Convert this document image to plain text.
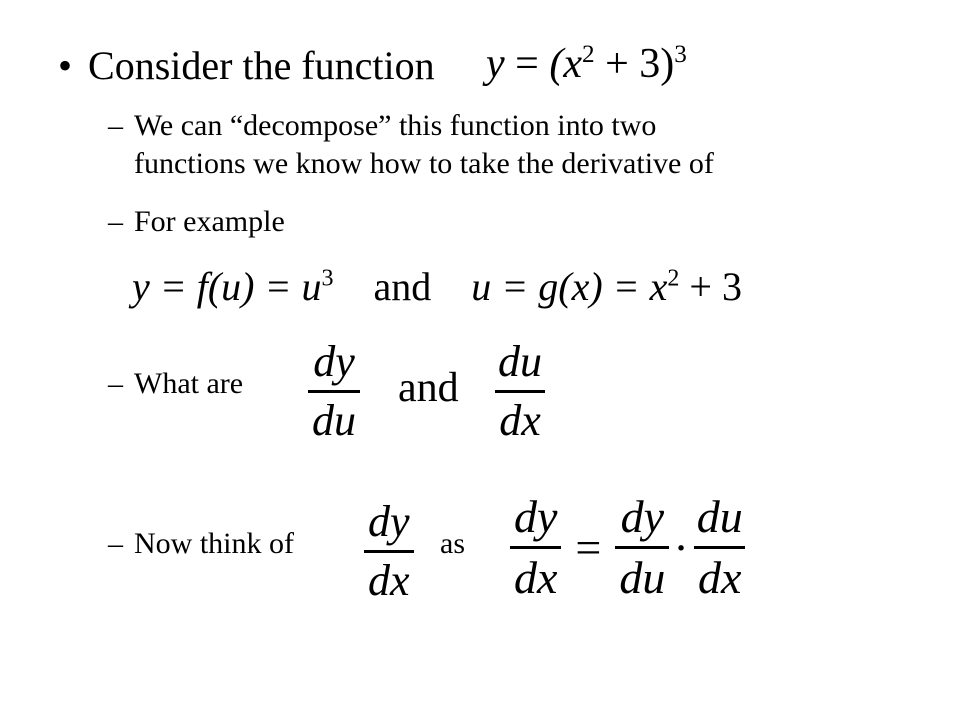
• Consider the function $y = (x^2 + 3)^3$
– We can “decompose” this function into two
functions we know how to take the derivative of
– For example
$y = f(u) = u^3$ and $u = g(x) = x^2 + 3$
– What are $\frac{dy}{du}$ and $\frac{du}{dx}$
– Now think of $\frac{dy}{dx}$ as $\frac{dy}{dx} = \frac{dy}{du} \cdot \frac{du}{dx}$
